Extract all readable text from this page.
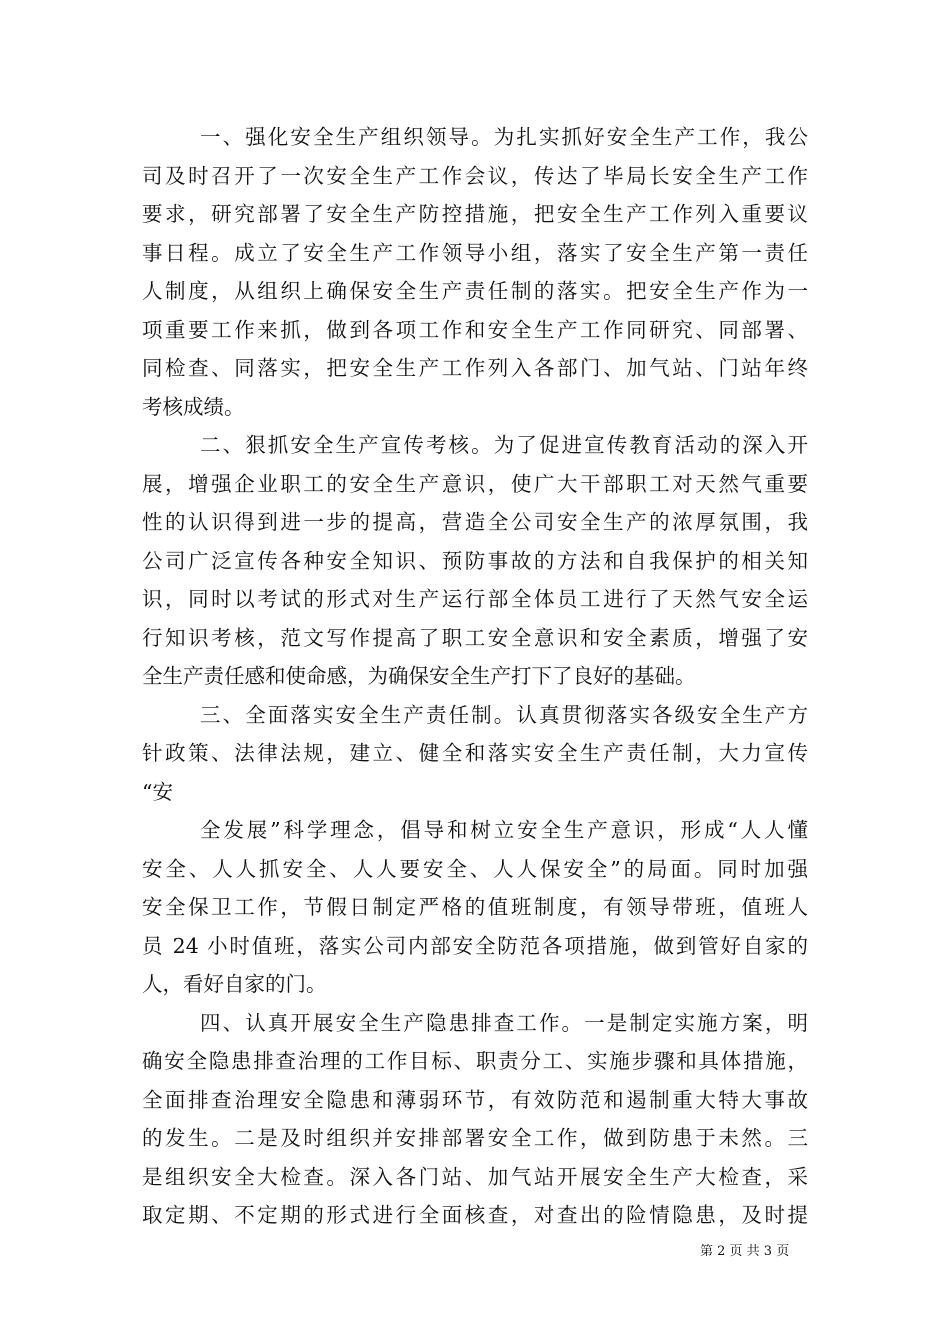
一、强化安全生产组织领导。为扎实抓好安全生产工作，我公
司及时召开了一次安全生产工作会议，传达了毕局长安全生产工作
要求，研究部署了安全生产防控措施，把安全生产工作列入重要议
事日程。成立了安全生产工作领导小组，落实了安全生产第一责任
人制度，从组织上确保安全生产责任制的落实。把安全生产作为一
项重要工作来抓，做到各项工作和安全生产工作同研究、同部署、
同检查、同落实，把安全生产工作列入各部门、加气站、门站年终
考核成绩。
二、狠抓安全生产宣传考核。为了促进宣传教育活动的深入开
展，增强企业职工的安全生产意识，使广大干部职工对天然气重要
性的认识得到进一步的提高，营造全公司安全生产的浓厚氛围，我
公司广泛宣传各种安全知识、预防事故的方法和自我保护的相关知
识，同时以考试的形式对生产运行部全体员工进行了天然气安全运
行知识考核，范文写作提高了职工安全意识和安全素质，增强了安
全生产责任感和使命感，为确保安全生产打下了良好的基础。
三、全面落实安全生产责任制。认真贯彻落实各级安全生产方
针政策、法律法规，建立、健全和落实安全生产责任制，大力宣传
“安
全发展”科学理念，倡导和树立安全生产意识，形成“人人懂
安全、人人抓安全、人人要安全、人人保安全”的局面。同时加强
安全保卫工作，节假日制定严格的值班制度，有领导带班，值班人
员 24 小时值班，落实公司内部安全防范各项措施，做到管好自家的
人，看好自家的门。
四、认真开展安全生产隐患排查工作。一是制定实施方案，明
确安全隐患排查治理的工作目标、职责分工、实施步骤和具体措施，
全面排查治理安全隐患和薄弱环节，有效防范和遏制重大特大事故
的发生。二是及时组织并安排部署安全工作，做到防患于未然。三
是组织安全大检查。深入各门站、加气站开展安全生产大检查，采
取定期、不定期的形式进行全面核查，对查出的险情隐患，及时提
第 2 页 共 3 页
